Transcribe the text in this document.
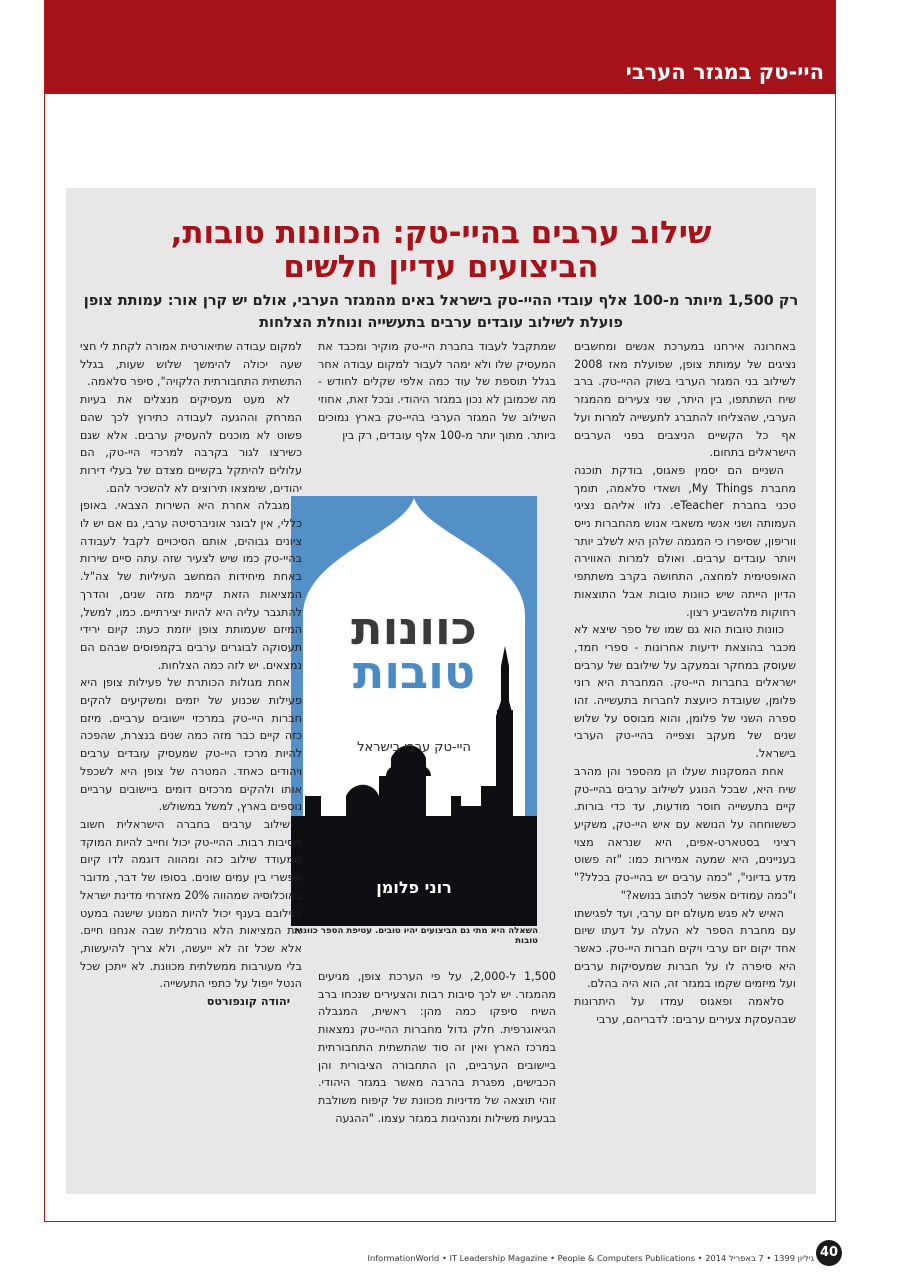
היי-טק במגזר הערבי
שילוב ערבים בהיי-טק: הכוונות טובות,
הביצועים עדיין חלשים
רק 1,500 מיותר מ-100 אלף עובדי ההיי-טק בישראל באים מהמגזר הערבי, אולם יש קרן אור: עמותת צופן פועלת לשילוב עובדים ערבים בתעשייה ונוחלת הצלחות

באחרונה אירחנו במערכת אנשים ומחשבים נציגים של עמותת צופן, שפועלת מאז 2008 לשילוב בני המגזר הערבי בשוק ההיי-טק. ברב שיח השתתפו, בין היתר, שני צעירים מהמגזר הערבי, שהצליחו להתברג לתעשייה למרות ועל אף כל הקשיים הניצבים בפני הערבים הישראלים בתחום.

השניים הם יסמין פאגוס, בודקת תוכנה מחברת My Things, ושאדי סלאמה, תומך טכני בחברת eTeacher. נלוו אליהם נציגי העמותה ושני אנשי משאבי אנוש מהחברות נייס ווריפון, שסיפרו כי המגמה שלהן היא לשלב יותר ויותר עובדים ערבים. ואולם למרות האווירה האופטימית למחצה, התחושה בקרב משתתפי הדיון הייתה שיש כוונות טובות אבל התוצאות רחוקות מלהשביע רצון.

כוונות טובות הוא גם שמו של ספר שיצא לא מכבר בהוצאת ידיעות אחרונות - ספרי חמד, שעוסק במחקר ובמעקב על שילובם של ערבים ישראלים בחברות היי-טק. המחברת היא רוני פלומן, שעובדת כיועצת לחברות בתעשייה. זהו ספרה השני של פלומן, והוא מבוסס על שלוש שנים של מעקב וצפייה בהיי-טק הערבי בישראל.

אחת המסקנות שעלו הן מהספר והן מהרב שיח היא, שבכל הנוגע לשילוב ערבים בהיי-טק קיים בתעשייה חוסר מודעות, עד כדי בורות. כששוחחה על הנושא עם איש היי-טק, משקיע רציני בסטארט-אפים, היא שנראה מצוי בעניינים, היא שמעה אמירות כמו: "זה פשוט מדע בדיוני", "כמה ערבים יש בהיי-טק בכלל?" ו"כמה עמודים אפשר לכתוב בנושא?"

האיש לא פגש מעולם יזם ערבי, ועד לפגישתו עם מחברת הספר לא העלה על דעתו שיום אחד יקום יזם ערבי ויקים חברות היי-טק. כאשר היא סיפרה לו על חברות שמעסיקות ערבים ועל מיזמים שקמו במגזר זה, הוא היה בהלם.

סלאמה ופאגוס עמדו על היתרונות שבהעסקת צעירים ערבים: לדבריהם, ערבי

שמתקבל לעבוד בחברת היי-טק מוקיר ומכבד את המעסיק שלו ולא ימהר לעבור למקום עבודה אחר בגלל תוספת של עוד כמה אלפי שקלים לחודש - מה שכמובן לא נכון במגזר היהודי. ובכל זאת, אחוזי השילוב של המגזר הערבי בהיי-טק בארץ נמוכים ביותר. מתוך יותר מ-100 אלף עובדים, רק בין

כוונות
טובות
היי-טק ערבי בישראל
רוני פלומן
השאלה היא מתי גם הביצועים יהיו טובים. עטיפת הספר כוונות טובות

1,500 ל-2,000, על פי הערכת צופן, מגיעים מהמגזר. יש לכך סיבות רבות והצעירים שנכחו ברב השיח סיפקו כמה מהן: ראשית, המגבלה הגיאוגרפית. חלק גדול מחברות ההיי-טק נמצאות במרכז הארץ ואין זה סוד שהתשתית התחבורתית ביישובים הערביים, הן התחבורה הציבורית והן הכבישים, מפגרת בהרבה מאשר במגזר היהודי. זוהי תוצאה של מדיניות מכוונת של קיפוח משולבת בבעיות משילות ומנהיגות במגזר עצמו. "ההגעה

למקום עבודה שתיאורטית אמורה לקחת לי חצי שעה יכולה להימשך שלוש שעות, בגלל התשתית התחבורתית הלקויה", סיפר סלאמה.

לא מעט מעסיקים מנצלים את בעיות המרחק וההגעה לעבודה כתירוץ לכך שהם פשוט לא מוכנים להעסיק ערבים. אלא שגם כשירצו לגור בקרבה למרכזי היי-טק, הם עלולים להיתקל בקשיים מצדם של בעלי דירות יהודים, שימצאו תירוצים לא להשכיר להם.

מגבלה אחרת היא השירות הצבאי. באופן כללי, אין לבוגר אוניברסיטה ערבי, גם אם יש לו ציונים גבוהים, אותם הסיכויים לקבל לעבודה בהיי-טק כמו שיש לצעיר שזה עתה סיים שירות באחת מיחידות המחשב העיליות של צה"ל. המציאות הזאת קיימת מזה שנים, והדרך להתגבר עליה היא להיות יצירתיים. כמו, למשל, המיזם שעמותת צופן יוזמת כעת: קיום ירידי תעסוקה לבוגרים ערבים בקמפוסים שבהם הם נמצאים. יש לזה כמה הצלחות.

אחת מגולות הכותרת של פעילות צופן היא פעילות שכנוע של יזמים ומשקיעים להקים חברות היי-טק במרכזי יישובים ערביים. מיזם כזה קיים כבר מזה כמה שנים בנצרת, שהפכה להיות מרכז היי-טק שמעסיק עובדים ערבים ויהודים כאחד. המטרה של צופן היא לשכפל אותו ולהקים מרכזים דומים ביישובים ערביים נוספים בארץ, למשל במשולש.

שילוב ערבים בחברה הישראלית חשוב מסיבות רבות. ההיי-טק יכול וחייב להיות המוקד שמעודד שילוב כזה ומהווה דוגמה לדו קיום אפשרי בין עמים שונים. בסופו של דבר, מדובר באוכלוסיה שמהווה 20% מאזרחי מדינת ישראל ושילובם בענף יכול להיות המנוע שישנה במעט את המציאות הלא נורמלית שבה אנחנו חיים. אלא שכל זה לא ייעשה, ולא צריך להיעשות, בלי מעורבות ממשלתית מכוונת. לא ייתכן שכל הנטל ייפול על כתפי התעשייה.

יהודה קונפורטס

גיליון 1399 • 7 באפריל 2014 • InformationWorld • IT Leadership Magazine • People & Computers Publications	40
